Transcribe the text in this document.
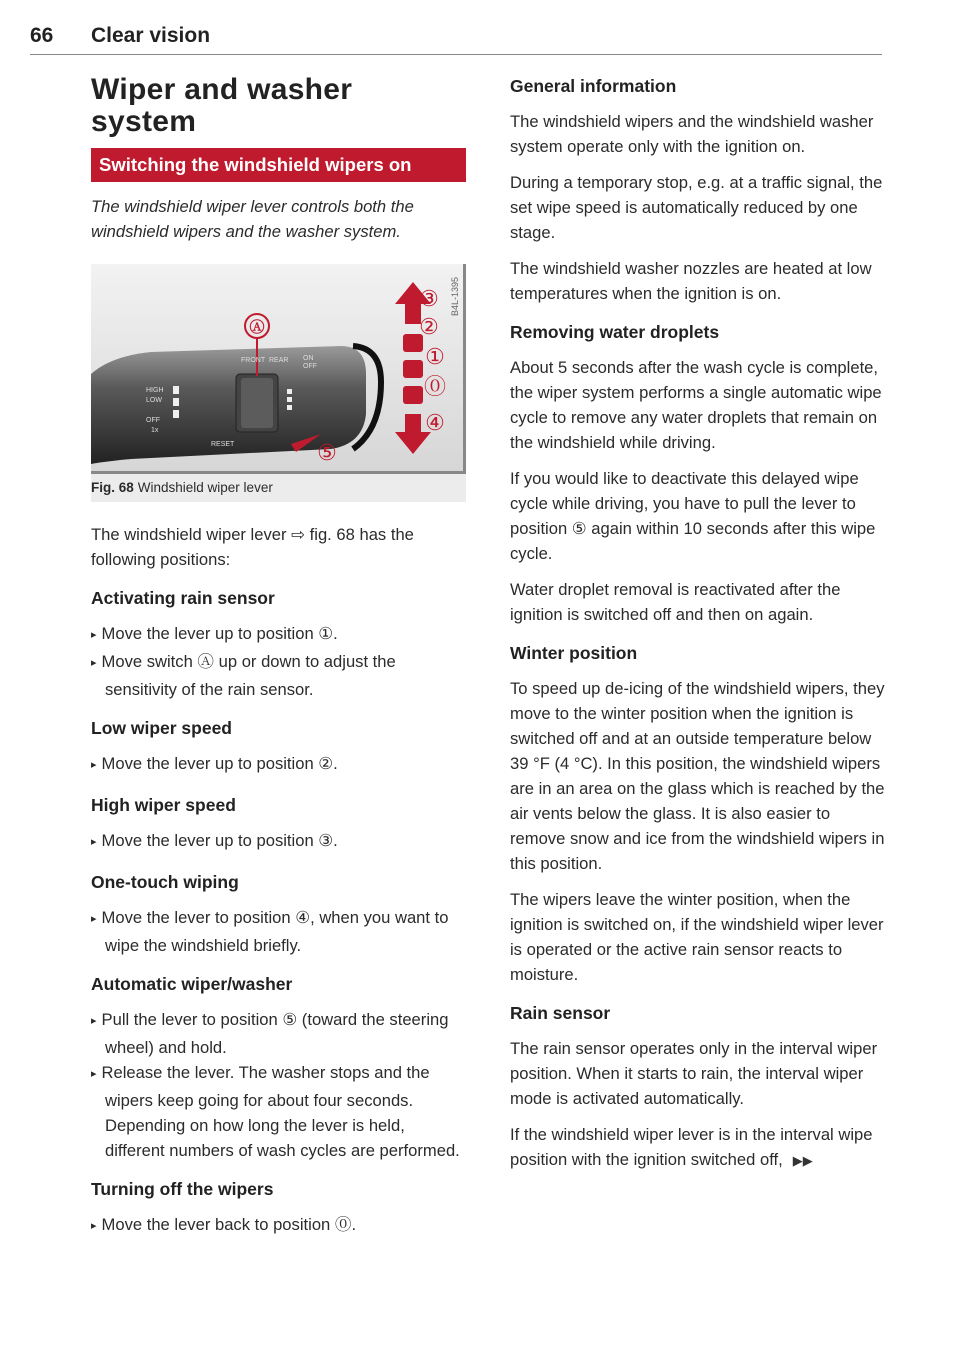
66 Clear vision
Wiper and washer
system
Switching the windshield wipers on

The windshield wiper lever controls both the windshield wipers and the washer system.

Ⓐ
FRONT REAR ON
OFF
RESET
HIGH
LOW
OFF
1x
③
②
①
⓪
④
⑤
B4L-1395
Fig. 68 Windshield wiper lever

The windshield wiper lever ⇨ fig. 68 has the following positions:

Activating rain sensor
▸ Move the lever up to position ①.
▸ Move switch Ⓐ up or down to adjust the sensitivity of the rain sensor.
Low wiper speed
▸ Move the lever up to position ②.
High wiper speed
▸ Move the lever up to position ③.
One-touch wiping
▸ Move the lever to position ④, when you want to wipe the windshield briefly.
Automatic wiper/washer
▸ Pull the lever to position ⑤ (toward the steering wheel) and hold.
▸ Release the lever. The washer stops and the wipers keep going for about four seconds. Depending on how long the lever is held, different numbers of wash cycles are performed.
Turning off the wipers
▸ Move the lever back to position ⓪.
General information

The windshield wipers and the windshield washer system operate only with the ignition on.

During a temporary stop, e.g. at a traffic signal, the set wipe speed is automatically reduced by one stage.

The windshield washer nozzles are heated at low temperatures when the ignition is on.

Removing water droplets

About 5 seconds after the wash cycle is complete, the wiper system performs a single automatic wipe cycle to remove any water droplets that remain on the windshield while driving.

If you would like to deactivate this delayed wipe cycle while driving, you have to pull the lever to position ⑤ again within 10 seconds after this wipe cycle.

Water droplet removal is reactivated after the ignition is switched off and then on again.

Winter position

To speed up de-icing of the windshield wipers, they move to the winter position when the ignition is switched off and at an outside temperature below 39 °F (4 °C). In this position, the windshield wipers are in an area on the glass which is reached by the air vents below the glass. It is also easier to remove snow and ice from the windshield wipers in this position.

The wipers leave the winter position, when the ignition is switched on, if the windshield wiper lever is operated or the active rain sensor reacts to moisture.

Rain sensor

The rain sensor operates only in the interval wiper position. When it starts to rain, the interval wiper mode is activated automatically.

If the windshield wiper lever is in the interval wipe position with the ignition switched off, ▶▶
